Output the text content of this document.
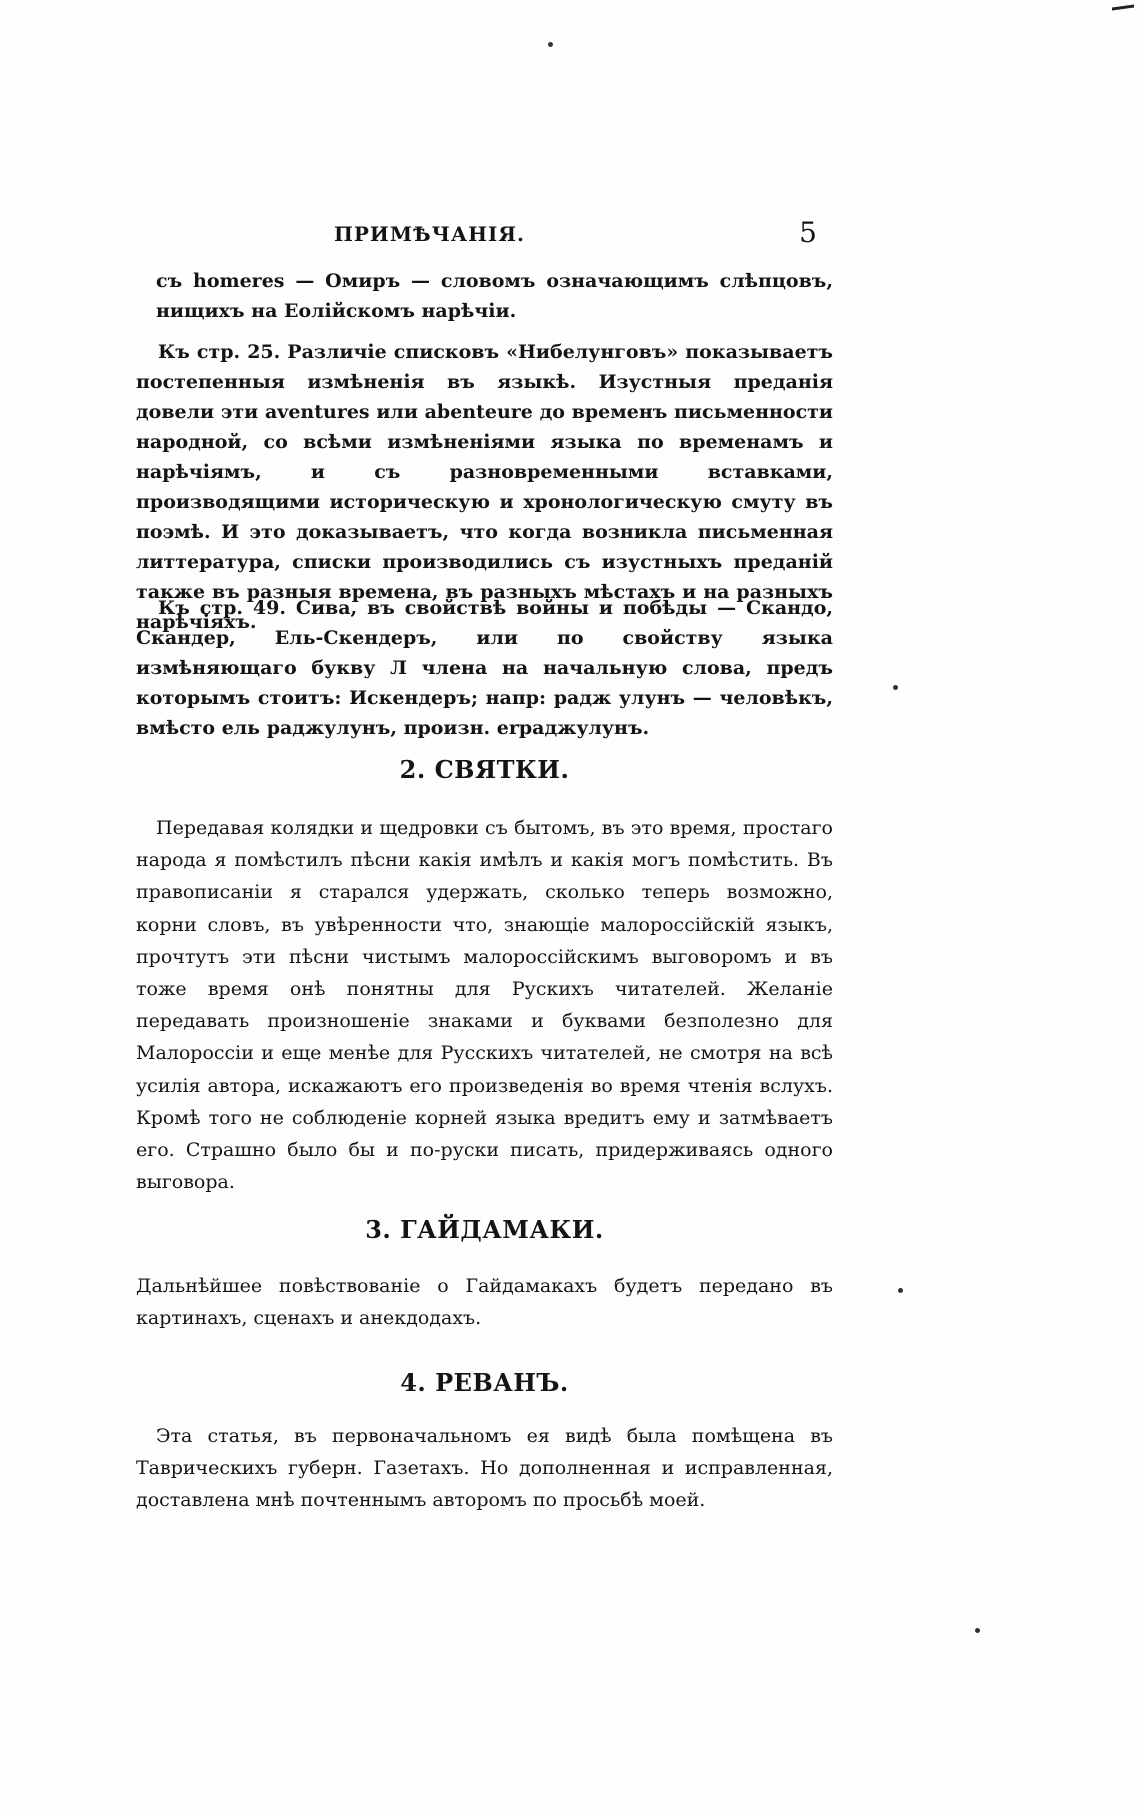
ПРИМѢЧАНІЯ.	5

съ homeres — Омиръ — словомъ означающимъ слѣпцовъ, нищихъ на Еолійскомъ нарѣчіи.

Къ стр. 25. Различіе списковъ «Нибелунговъ» показываетъ постепенныя измѣненія въ языкѣ. Изустныя преданія довели эти aventures или abenteure до временъ письменности народной, со всѣми измѣненіями языка по временамъ и нарѣчіямъ, и съ разновременными вставками, производящими историческую и хронологическую смуту въ поэмѣ. И это доказываетъ, что когда возникла письменная литтература, списки производились съ изустныхъ преданій также въ разныя времена, въ разныхъ мѣстахъ и на разныхъ нарѣчіяхъ.

Къ стр. 49. Сива, въ свойствѣ войны и побѣды — Скандо, Скандер, Ель-Скендеръ, или по свойству языка измѣняющаго букву Л члена на начальную слова, предъ которымъ стоитъ: Искендеръ; напр: радж улунъ — человѣкъ, вмѣсто ель раджулунъ, произн. erраджулунъ.

2. СВЯТКИ.

Передавая колядки и щедровки съ бытомъ, въ это время, простаго народа я помѣстилъ пѣсни какія имѣлъ и какія могъ помѣстить. Въ правописаніи я старался удержать, сколько теперь возможно, корни словъ, въ увѣренности что, знающіе малороссійскій языкъ, прочтутъ эти пѣсни чистымъ малороссійскимъ выговоромъ и въ тоже время онѣ понятны для Рускихъ читателей. Желаніе передавать произношеніе знаками и буквами безполезно для Малороссіи и еще менѣе для Русскихъ читателей, не смотря на всѣ усилія автора, искажаютъ его произведенія во время чтенія вслухъ. Кромѣ того не соблюденіе корней языка вредитъ ему и затмѣваетъ его. Страшно было бы и по-руски писать, придерживаясь одного выговора.

3. ГАЙДАМАКИ.

Дальнѣйшее повѣствованіе о Гайдамакахъ будетъ передано въ картинахъ, сценахъ и анекдодахъ.

4. РЕВАНЪ.

Эта статья, въ первоначальномъ ея видѣ была помѣщена въ Таврическихъ губерн. Газетахъ. Но дополненная и исправленная, доставлена мнѣ почтеннымъ авторомъ по просьбѣ моей.
